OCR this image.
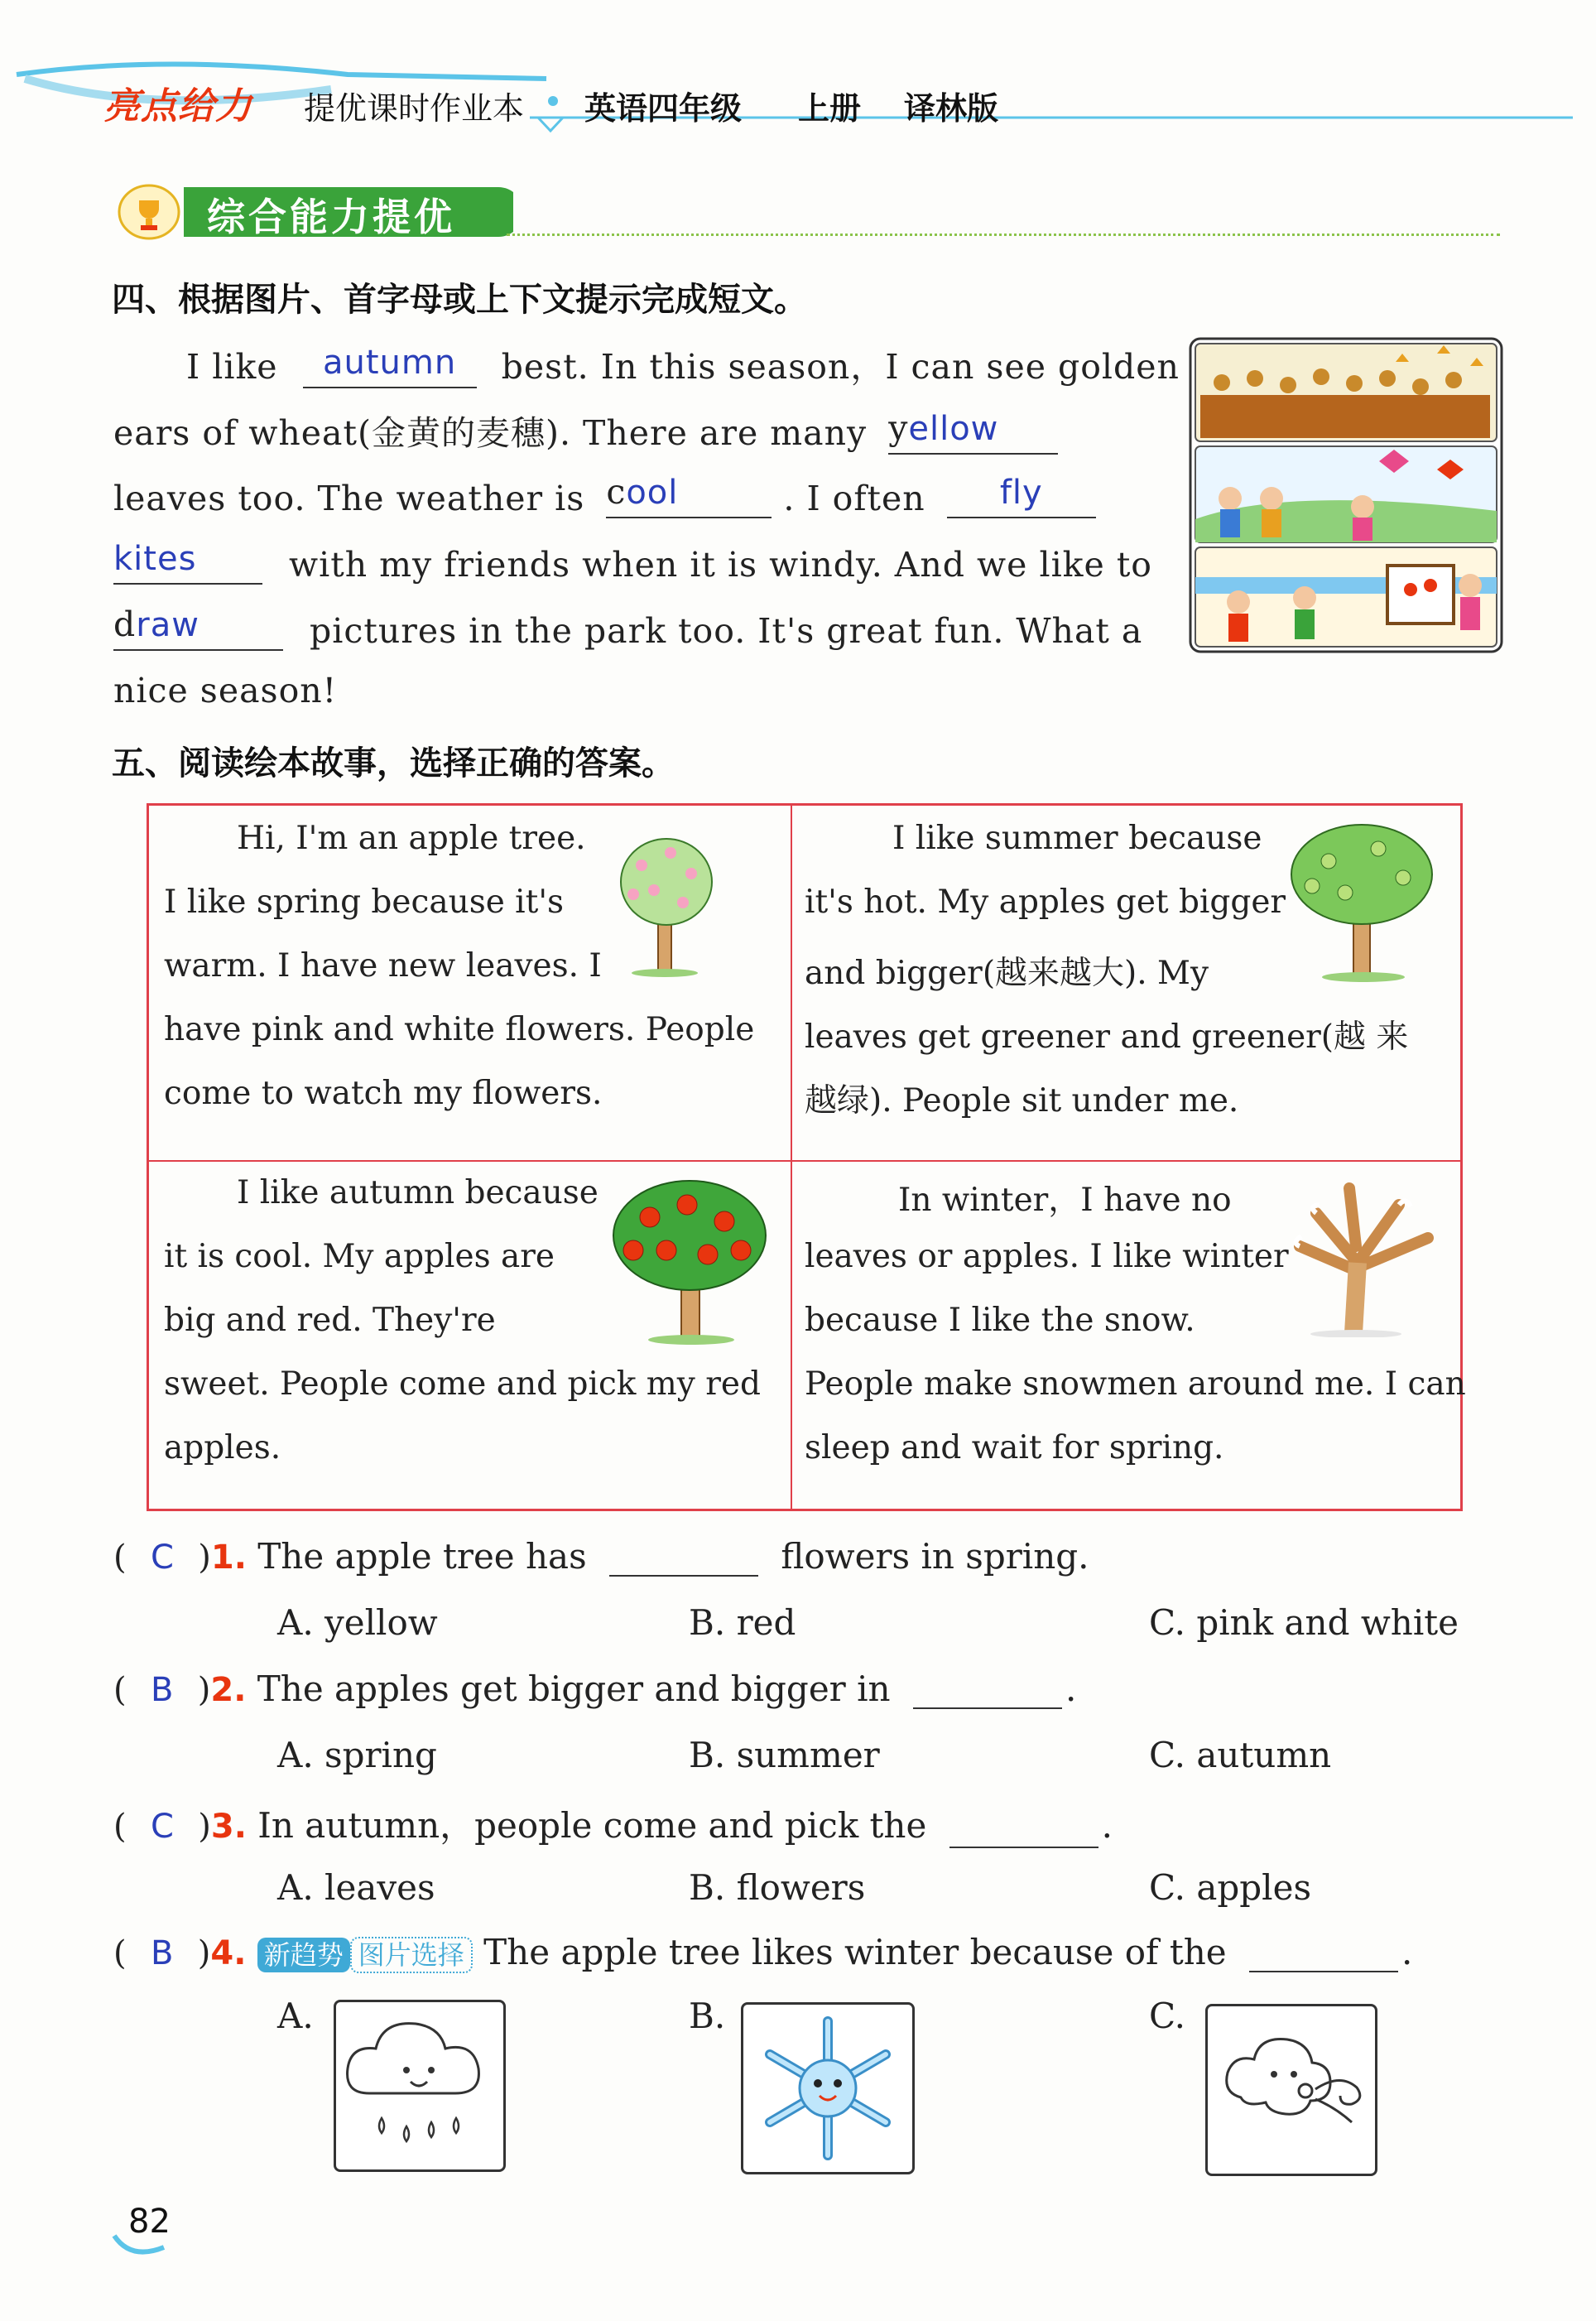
亮点给力 提优课时作业本 英语四年级 上册 译林版
综合能力提优
四、根据图片、首字母或上下文提示完成短文。
I like autumn best. In this season，I can see golden
ears of wheat(金黄的麦穗). There are many yellow
leaves too. The weather is cool	. I often fly
kites	with my friends when it is windy. And we like to
draw	pictures in the park too. It's great fun. What a
nice season!
五、阅读绘本故事，选择正确的答案。
Hi, I'm an apple tree.
I like spring because it's
warm. I have new leaves. I
have pink and white flowers. People
come to watch my flowers.
I like summer because
it's hot. My apples get bigger
and bigger(越来越大). My
leaves get greener and greener(越 来
越绿). People sit under me.
I like autumn because
it is cool. My apples are
big and red. They're
sweet. People come and pick my red
apples.
In winter，I have no
leaves or apples. I like winter
because I like the snow.
People make snowmen around me. I can
sleep and wait for spring.
( C )1. The apple tree has	flowers in spring.
A. yellow	B. red	C. pink and white
( B )2. The apples get bigger and bigger in	.
A. spring	B. summer	C. autumn
( C )3. In autumn，people come and pick the	.
A. leaves	B. flowers	C. apples
( B )4. 新趋势 图片选择 The apple tree likes winter because of the	.
A.	B.	C.
82
